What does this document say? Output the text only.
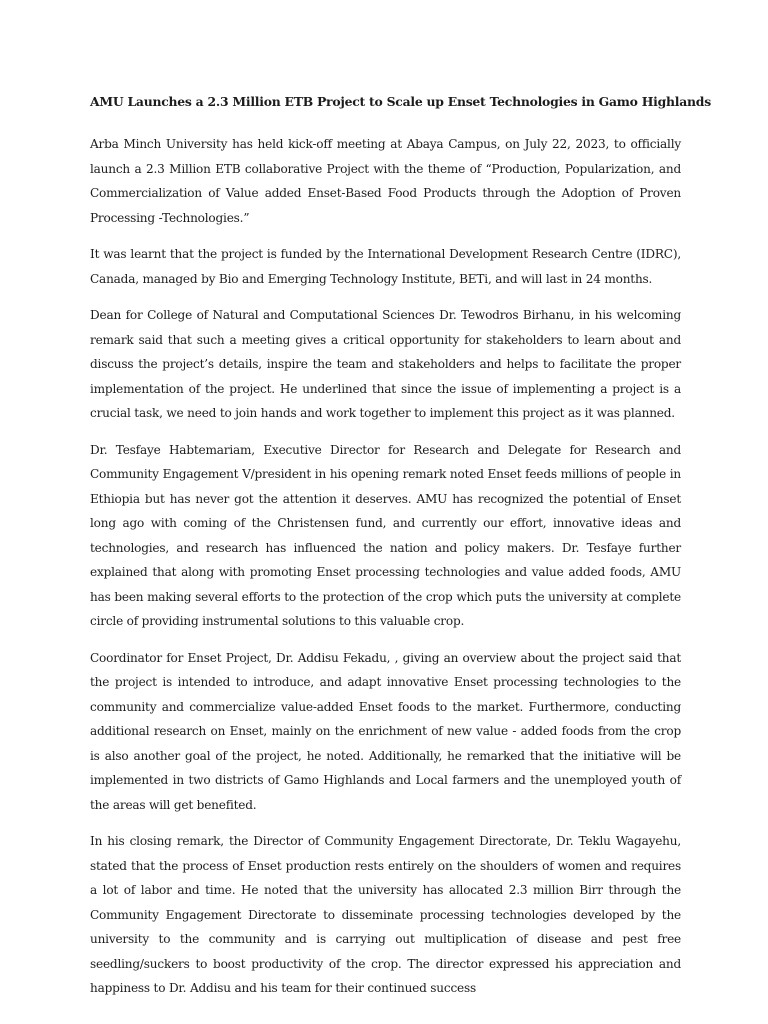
AMU Launches a 2.3 Million ETB Project to Scale up Enset Technologies in Gamo Highlands

Arba Minch University has held kick-off meeting at Abaya Campus, on July 22, 2023, to officially launch a 2.3 Million ETB collaborative Project with the theme of “Production, Popularization, and Commercialization of Value added Enset-Based Food Products through the Adoption of Proven Processing -Technologies.”

It was learnt that the project is funded by the International Development Research Centre (IDRC), Canada, managed by Bio and Emerging Technology Institute, BETi, and will last in 24 months.

Dean for College of Natural and Computational Sciences Dr. Tewodros Birhanu, in his welcoming remark said that such a meeting gives a critical opportunity for stakeholders to learn about and discuss the project’s details, inspire the team and stakeholders and helps to facilitate the proper implementation of the project. He underlined that since the issue of implementing a project is a crucial task, we need to join hands and work together to implement this project as it was planned.

Dr. Tesfaye Habtemariam, Executive Director for Research and Delegate for Research and Community Engagement V/president in his opening remark noted Enset feeds millions of people in Ethiopia but has never got the attention it deserves. AMU has recognized the potential of Enset long ago with coming of the Christensen fund, and currently our effort, innovative ideas and technologies, and research has influenced the nation and policy makers. Dr. Tesfaye further explained that along with promoting Enset processing technologies and value added foods, AMU has been making several efforts to the protection of the crop which puts the university at complete circle of providing instrumental solutions to this valuable crop.

Coordinator for Enset Project, Dr. Addisu Fekadu, , giving an overview about the project said that the project is intended to introduce, and adapt innovative Enset processing technologies to the community and commercialize value-added Enset foods to the market. Furthermore, conducting additional research on Enset, mainly on the enrichment of new value - added foods from the crop is also another goal of the project, he noted. Additionally, he remarked that the initiative will be implemented in two districts of Gamo Highlands and Local farmers and the unemployed youth of the areas will get benefited.

In his closing remark, the Director of Community Engagement Directorate, Dr. Teklu Wagayehu, stated that the process of Enset production rests entirely on the shoulders of women and requires a lot of labor and time. He noted that the university has allocated 2.3 million Birr through the Community Engagement Directorate to disseminate processing technologies developed by the university to the community and is carrying out multiplication of disease and pest free seedling/suckers to boost productivity of the crop. The director expressed his appreciation and happiness to Dr. Addisu and his team for their continued success
